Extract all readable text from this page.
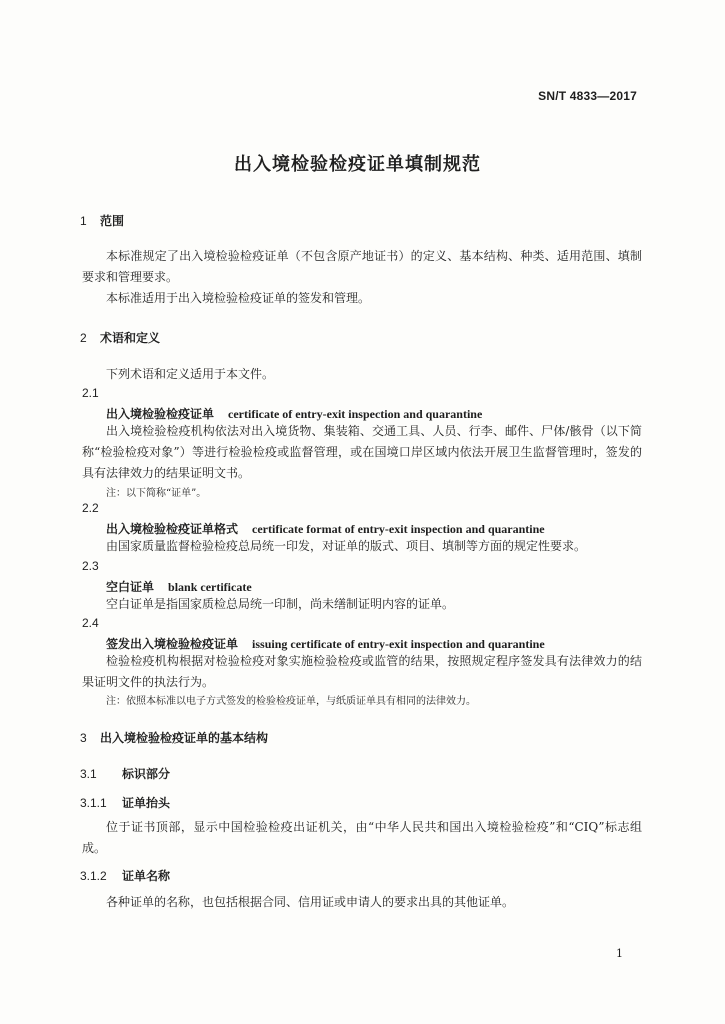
SN/T 4833—2017
出入境检验检疫证单填制规范
1 范围
本标准规定了出入境检验检疫证单（不包含原产地证书）的定义、基本结构、种类、适用范围、填制要求和管理要求。
本标准适用于出入境检验检疫证单的签发和管理。
2 术语和定义
下列术语和定义适用于本文件。
2.1
出入境检验检疫证单 certificate of entry-exit inspection and quarantine
出入境检验检疫机构依法对出入境货物、集装箱、交通工具、人员、行李、邮件、尸体/骸骨（以下简称“检验检疫对象”）等进行检验检疫或监督管理，或在国境口岸区域内依法开展卫生监督管理时，签发的具有法律效力的结果证明文书。
注：以下简称“证单”。
2.2
出入境检验检疫证单格式 certificate format of entry-exit inspection and quarantine
由国家质量监督检验检疫总局统一印发，对证单的版式、项目、填制等方面的规定性要求。
2.3
空白证单 blank certificate
空白证单是指国家质检总局统一印制，尚未缮制证明内容的证单。
2.4
签发出入境检验检疫证单 issuing certificate of entry-exit inspection and quarantine
检验检疫机构根据对检验检疫对象实施检验检疫或监管的结果，按照规定程序签发具有法律效力的结果证明文件的执法行为。
注：依照本标准以电子方式签发的检验检疫证单，与纸质证单具有相同的法律效力。
3 出入境检验检疫证单的基本结构
3.1 标识部分
3.1.1 证单抬头
位于证书顶部，显示中国检验检疫出证机关，由“中华人民共和国出入境检验检疫”和“CIQ”标志组成。
3.1.2 证单名称
各种证单的名称，也包括根据合同、信用证或申请人的要求出具的其他证单。
1
